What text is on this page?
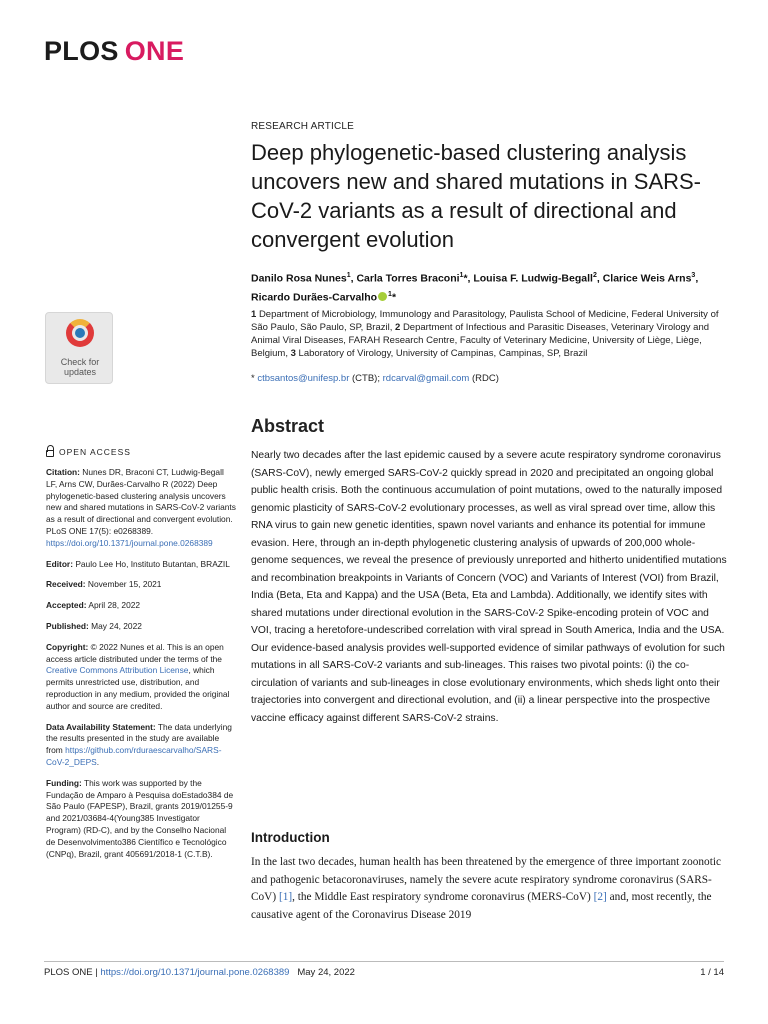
PLOS ONE
RESEARCH ARTICLE
Deep phylogenetic-based clustering analysis uncovers new and shared mutations in SARS-CoV-2 variants as a result of directional and convergent evolution
Danilo Rosa Nunes$^1$, Carla Torres Braconi$^1$*, Louisa F. Ludwig-Begall$^2$, Clarice Weis Arns$^3$, Ricardo Durães-Carvalho $^1$*
1 Department of Microbiology, Immunology and Parasitology, Paulista School of Medicine, Federal University of São Paulo, São Paulo, SP, Brazil, 2 Department of Infectious and Parasitic Diseases, Veterinary Virology and Animal Viral Diseases, FARAH Research Centre, Faculty of Veterinary Medicine, University of Liège, Liège, Belgium, 3 Laboratory of Virology, University of Campinas, Campinas, SP, Brazil
* ctbsantos@unifesp.br (CTB); rdcarval@gmail.com (RDC)
Check for
updates
OPEN ACCESS

Citation: Nunes DR, Braconi CT, Ludwig-Begall LF, Arns CW, Durães-Carvalho R (2022) Deep phylogenetic-based clustering analysis uncovers new and shared mutations in SARS-CoV-2 variants as a result of directional and convergent evolution. PLoS ONE 17(5): e0268389. https://doi.org/10.1371/journal.pone.0268389

Editor: Paulo Lee Ho, Instituto Butantan, BRAZIL

Received: November 15, 2021

Accepted: April 28, 2022

Published: May 24, 2022

Copyright: © 2022 Nunes et al. This is an open access article distributed under the terms of the Creative Commons Attribution License, which permits unrestricted use, distribution, and reproduction in any medium, provided the original author and source are credited.

Data Availability Statement: The data underlying the results presented in the study are available from https://github.com/rduraescarvalho/SARS-CoV-2_DEPS.

Funding: This work was supported by the Fundação de Amparo à Pesquisa doEstado384 de São Paulo (FAPESP), Brazil, grants 2019/01255-9 and 2021/03684-4(Young385 Investigator Program) (RD-C), and by the Conselho Nacional de Desenvolvimento386 Científico e Tecnológico (CNPq), Brazil, grant 405691/2018-1 (C.T.B).

Abstract
Nearly two decades after the last epidemic caused by a severe acute respiratory syndrome coronavirus (SARS-CoV), newly emerged SARS-CoV-2 quickly spread in 2020 and precipitated an ongoing global public health crisis. Both the continuous accumulation of point mutations, owed to the naturally imposed genomic plasticity of SARS-CoV-2 evolutionary processes, as well as viral spread over time, allow this RNA virus to gain new genetic identities, spawn novel variants and enhance its potential for immune evasion. Here, through an in-depth phylogenetic clustering analysis of upwards of 200,000 whole-genome sequences, we reveal the presence of previously unreported and hitherto unidentified mutations and recombination breakpoints in Variants of Concern (VOC) and Variants of Interest (VOI) from Brazil, India (Beta, Eta and Kappa) and the USA (Beta, Eta and Lambda). Additionally, we identify sites with shared mutations under directional evolution in the SARS-CoV-2 Spike-encoding protein of VOC and VOI, tracing a heretofore-undescribed correlation with viral spread in South America, India and the USA. Our evidence-based analysis provides well-supported evidence of similar pathways of evolution for such mutations in all SARS-CoV-2 variants and sub-lineages. This raises two pivotal points: (i) the co-circulation of variants and sub-lineages in close evolutionary environments, which sheds light onto their trajectories into convergent and directional evolution, and (ii) a linear perspective into the prospective vaccine efficacy against different SARS-CoV-2 strains.
Introduction
In the last two decades, human health has been threatened by the emergence of three important zoonotic and pathogenic betacoronaviruses, namely the severe acute respiratory syndrome coronavirus (SARS-CoV) [1], the Middle East respiratory syndrome coronavirus (MERS-CoV) [2] and, most recently, the causative agent of the Coronavirus Disease 2019
PLOS ONE | https://doi.org/10.1371/journal.pone.0268389 May 24, 2022	1 / 14
